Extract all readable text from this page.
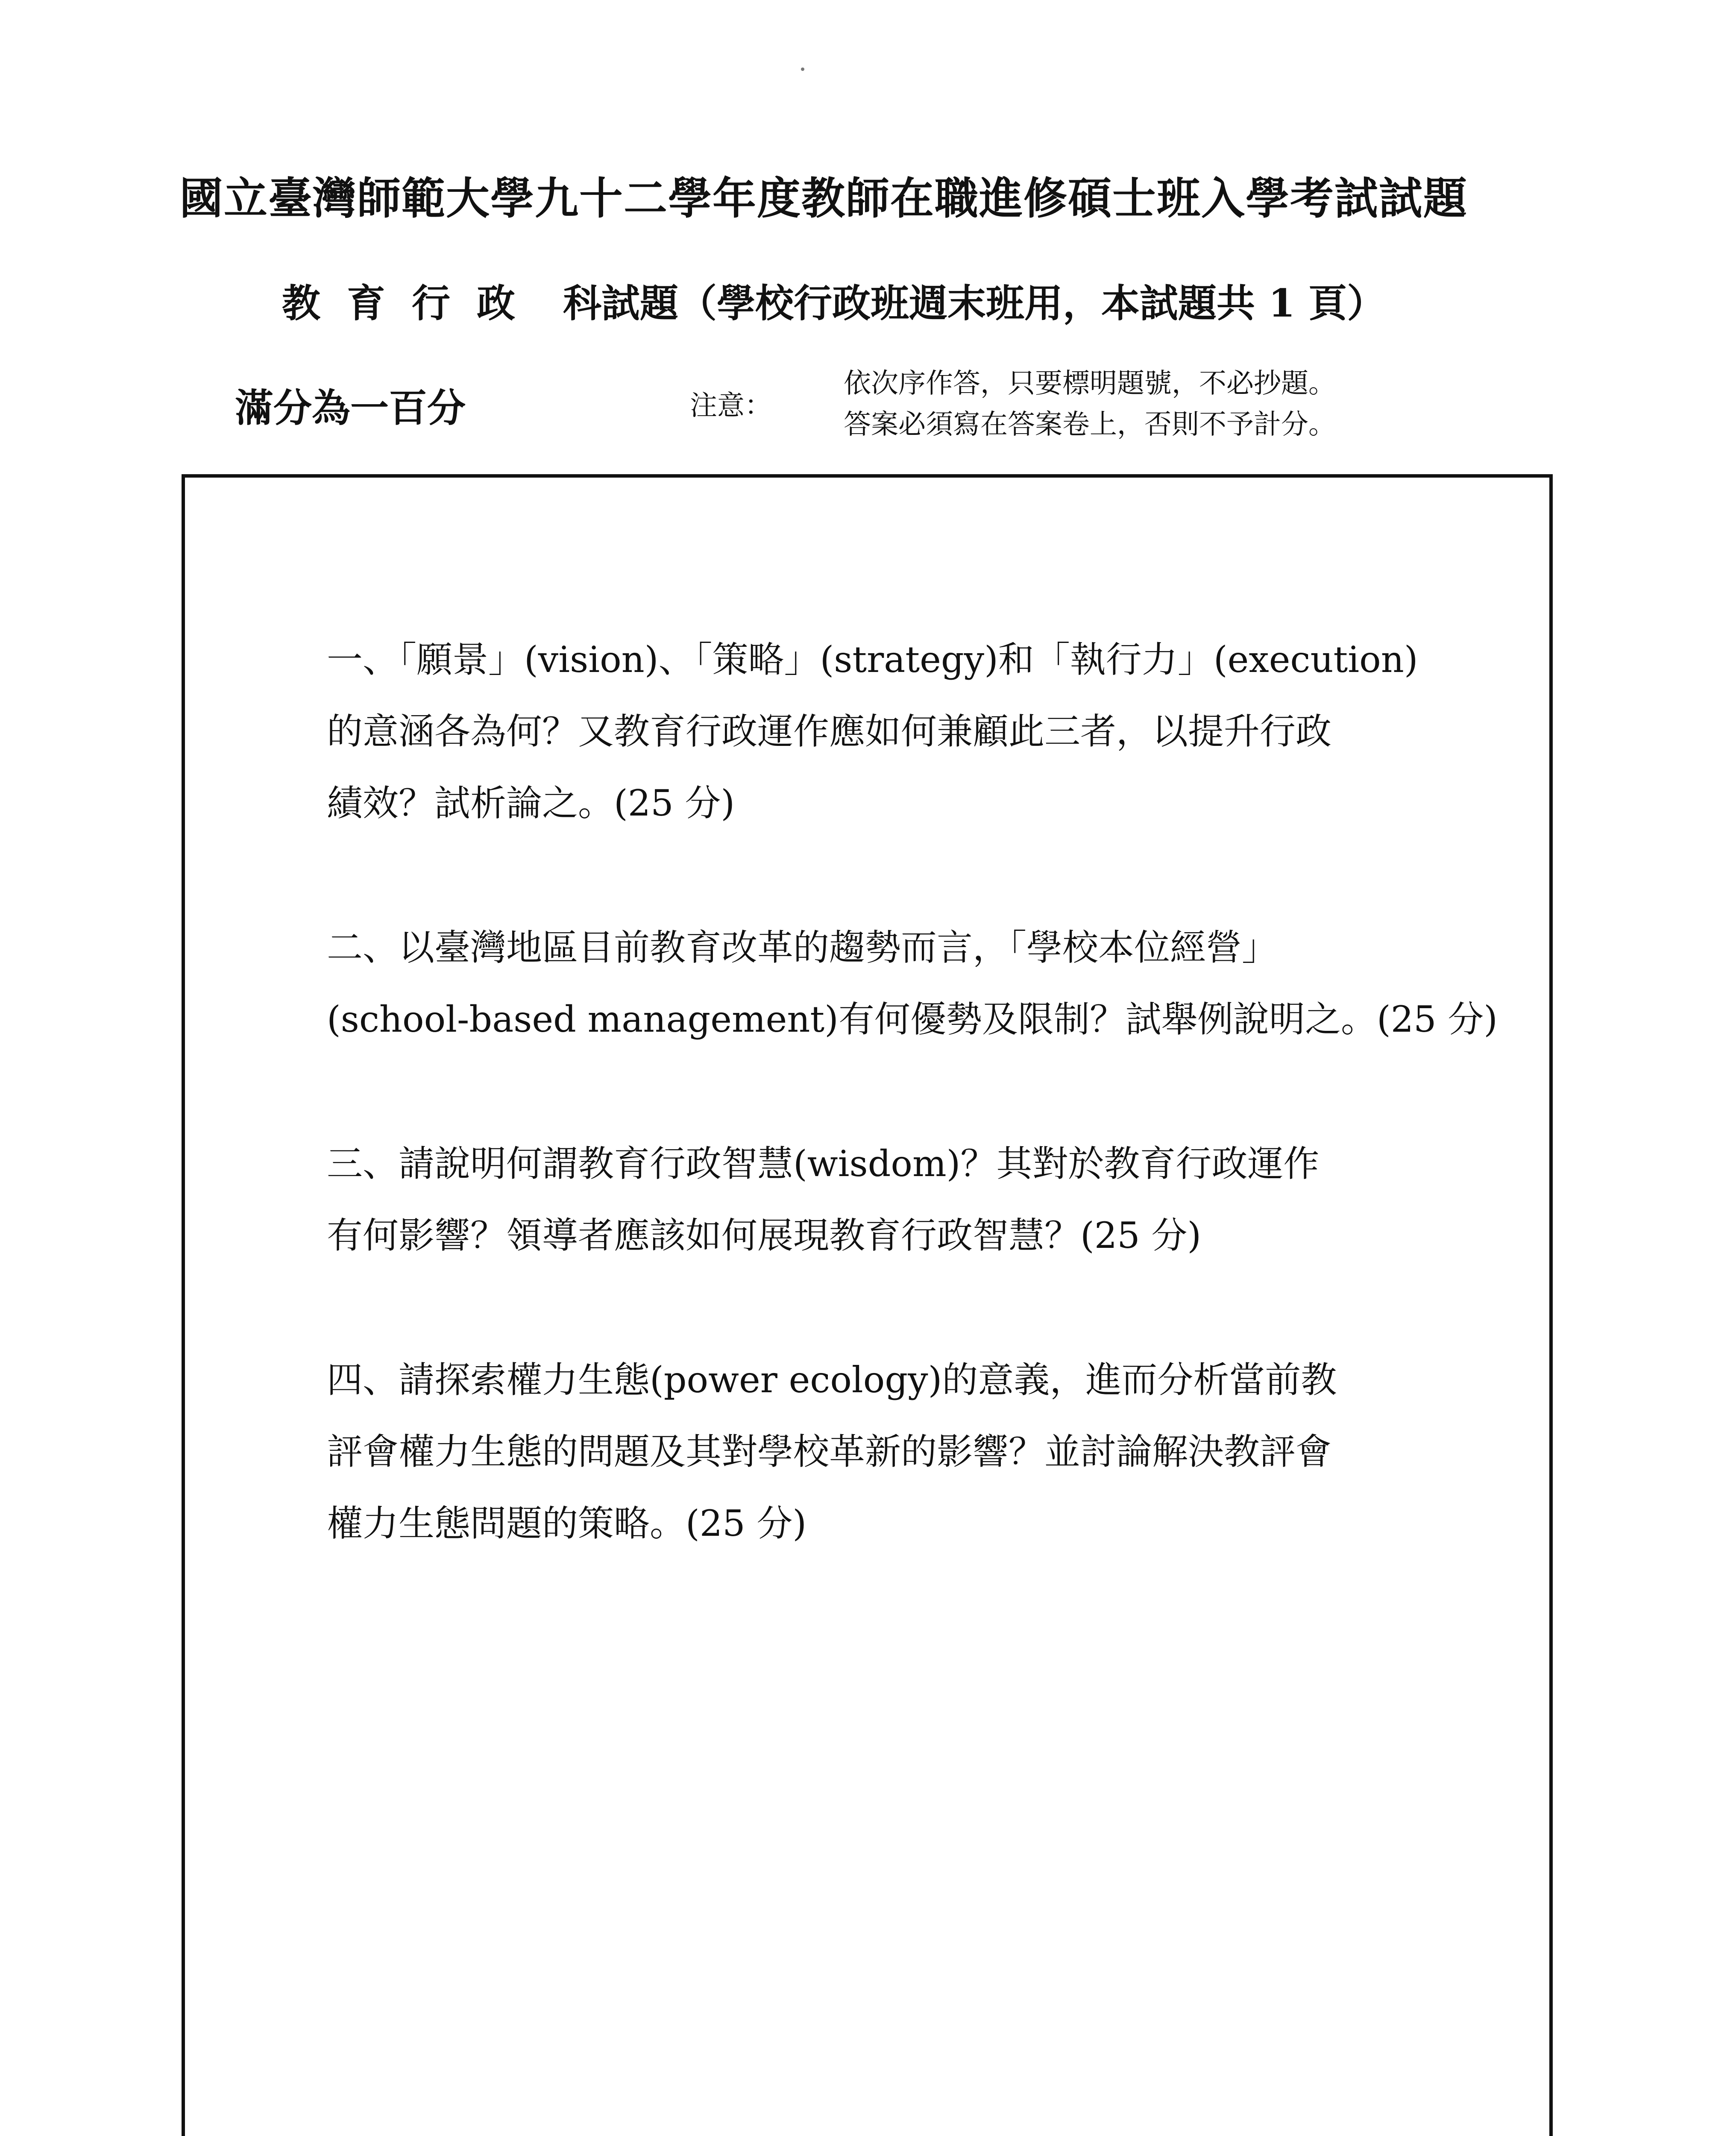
國立臺灣師範大學九十二學年度教師在職進修碩士班入學考試試題
教育行政 科試題（學校行政班週末班用，本試題共 1 頁）
滿分為一百分	注意：
依次序作答，只要標明題號，不必抄題。
答案必須寫在答案卷上，否則不予計分。
一、「願景」(vision)、「策略」(strategy)和「執行力」(execution)
的意涵各為何？又教育行政運作應如何兼顧此三者，以提升行政
績效？試析論之。(25 分)
二、以臺灣地區目前教育改革的趨勢而言，「學校本位經營」
(school-based management)有何優勢及限制？試舉例說明之。(25 分)
三、請說明何謂教育行政智慧(wisdom)？其對於教育行政運作
有何影響？領導者應該如何展現教育行政智慧？(25 分)
四、請探索權力生態(power ecology)的意義，進而分析當前教
評會權力生態的問題及其對學校革新的影響？並討論解決教評會
權力生態問題的策略。(25 分)
